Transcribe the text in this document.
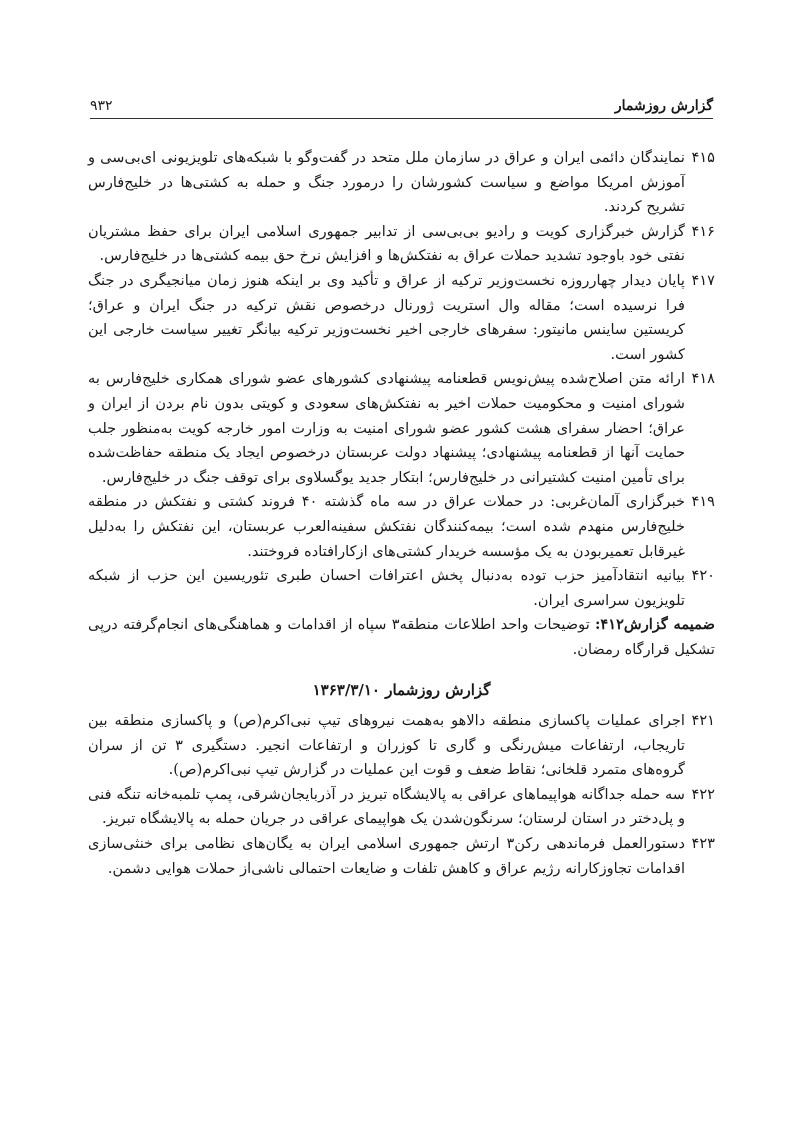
گزارش روزشمار
۹۳۲
۴۱۵
نمایندگان دائمی ایران و عراق در سازمان ملل متحد در گفت‌وگو با شبکه‌های تلویزیونی ای‌بی‌سی و آموزش امریکا مواضع و سیاست کشورشان را درمورد جنگ و حمله به کشتی‌ها در خلیج‌فارس تشریح کردند.
۴۱۶
گزارش خبرگزاری کویت و رادیو بی‌بی‌سی از تدابیر جمهوری اسلامی ایران برای حفظ مشتریان نفتی خود باوجود تشدید حملات عراق به نفتکش‌ها و افزایش نرخ حق بیمه کشتی‌ها در خلیج‌فارس.
۴۱۷
پایان دیدار چهارروزه نخست‌وزیر ترکیه از عراق و تأکید وی بر اینکه هنوز زمان میانجیگری در جنگ فرا نرسیده است؛ مقاله وال استریت ژورنال درخصوص نقش ترکیه در جنگ ایران و عراق؛ کریستین ساینس مانیتور: سفرهای خارجی اخیر نخست‌وزیر ترکیه بیانگر تغییر سیاست خارجی این کشور است.
۴۱۸
ارائه متن اصلاح‌شده پیش‌نویس قطعنامه پیشنهادی کشورهای عضو شورای همکاری خلیج‌فارس به شورای امنیت و محکومیت حملات اخیر به نفتکش‌های سعودی و کویتی بدون نام بردن از ایران و عراق؛ احضار سفرای هشت کشور عضو شورای امنیت به وزارت امور خارجه کویت به‌منظور جلب حمایت آنها از قطعنامه پیشنهادی؛ پیشنهاد دولت عربستان درخصوص ایجاد یک منطقه حفاظت‌شده برای تأمین امنیت کشتیرانی در خلیج‌فارس؛ ابتکار جدید یوگسلاوی برای توقف جنگ در خلیج‌فارس.
۴۱۹
خبرگزاری آلمان‌غربی: در حملات عراق در سه ماه گذشته ۴۰ فروند کشتی و نفتکش در منطقه خلیج‌فارس منهدم شده است؛ بیمه‌کنندگان نفتکش سفینه‌العرب عربستان، این نفتکش را به‌دلیل غیرقابل تعمیربودن به یک مؤسسه خریدار کشتی‌های ازکارافتاده فروختند.
۴۲۰
بیانیه انتقادآمیز حزب توده به‌دنبال پخش اعترافات احسان طبری تئوریسین این حزب از شبکه تلویزیون سراسری ایران.
ضمیمه گزارش۴۱۲: توضیحات واحد اطلاعات منطقه۳ سپاه از اقدامات و هماهنگی‌های انجام‌گرفته درپی تشکیل قرارگاه رمضان.
گزارش روزشمار ۱۳۶۳/۳/۱۰
۴۲۱
اجرای عملیات پاکسازی منطقه دالاهو به‌همت نیروهای تیپ نبی‌اکرم(ص) و پاکسازی منطقه بین تاریجاب، ارتفاعات میش‌رنگی و گاری تا کوزران و ارتفاعات انجیر. دستگیری ۳ تن از سران گروه‌های متمرد قلخانی؛ نقاط ضعف و قوت این عملیات در گزارش تیپ نبی‌اکرم(ص).
۴۲۲
سه حمله جداگانه هواپیماهای عراقی به پالایشگاه تبریز در آذربایجان‌شرقی، پمپ تلمبه‌خانه تنگه فنی و پل‌دختر در استان لرستان؛ سرنگون‌شدن یک هواپیمای عراقی در جریان حمله به پالایشگاه تبریز.
۴۲۳
دستورالعمل فرماندهی رکن۳ ارتش جمهوری اسلامی ایران به یگان‌های نظامی برای خنثی‌سازی اقدامات تجاوزکارانه رژیم عراق و کاهش تلفات و ضایعات احتمالی ناشی‌از حملات هوایی دشمن.
